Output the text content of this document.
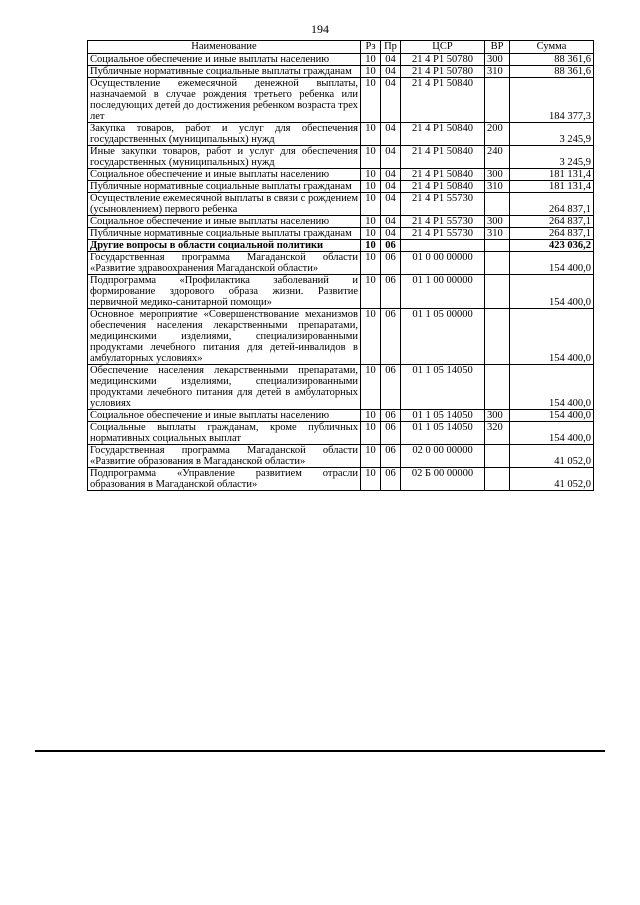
194
Наименование	Рз	Пр	ЦСР	ВР	Сумма
Социальное обеспечение и иные выплаты населению	10	04	21 4 P1 50780	300	88 361,6
Публичные нормативные социальные выплаты гражданам	10	04	21 4 P1 50780	310	88 361,6
Осуществление ежемесячной денежной выплаты, назначаемой в случае рождения третьего ребенка или последующих детей до достижения ребенком возраста трех лет	10	04	21 4 P1 50840		184 377,3
Закупка товаров, работ и услуг для обеспечения государственных (муниципальных) нужд	10	04	21 4 P1 50840	200	3 245,9
Иные закупки товаров, работ и услуг для обеспечения государственных (муниципальных) нужд	10	04	21 4 P1 50840	240	3 245,9
Социальное обеспечение и иные выплаты населению	10	04	21 4 P1 50840	300	181 131,4
Публичные нормативные социальные выплаты гражданам	10	04	21 4 P1 50840	310	181 131,4
Осуществление ежемесячной выплаты в связи с рождением (усыновлением) первого ребенка	10	04	21 4 P1 55730		264 837,1
Социальное обеспечение и иные выплаты населению	10	04	21 4 P1 55730	300	264 837,1
Публичные нормативные социальные выплаты гражданам	10	04	21 4 P1 55730	310	264 837,1
Другие вопросы в области социальной политики	10	06			423 036,2
Государственная программа Магаданской области «Развитие здравоохранения Магаданской области»	10	06	01 0 00 00000		154 400,0
Подпрограмма «Профилактика заболеваний и формирование здорового образа жизни. Развитие первичной медико-санитарной помощи»	10	06	01 1 00 00000		154 400,0
Основное мероприятие «Совершенствование механизмов обеспечения населения лекарственными препаратами, медицинскими изделиями, специализированными продуктами лечебного питания для детей-инвалидов в амбулаторных условиях»	10	06	01 1 05 00000		154 400,0
Обеспечение населения лекарственными препаратами, медицинскими изделиями, специализированными продуктами лечебного питания для детей в амбулаторных условиях	10	06	01 1 05 14050		154 400,0
Социальное обеспечение и иные выплаты населению	10	06	01 1 05 14050	300	154 400,0
Социальные выплаты гражданам, кроме публичных нормативных социальных выплат	10	06	01 1 05 14050	320	154 400,0
Государственная программа Магаданской области «Развитие образования в Магаданской области»	10	06	02 0 00 00000		41 052,0
Подпрограмма «Управление развитием отрасли образования в Магаданской области»	10	06	02 Б 00 00000		41 052,0
